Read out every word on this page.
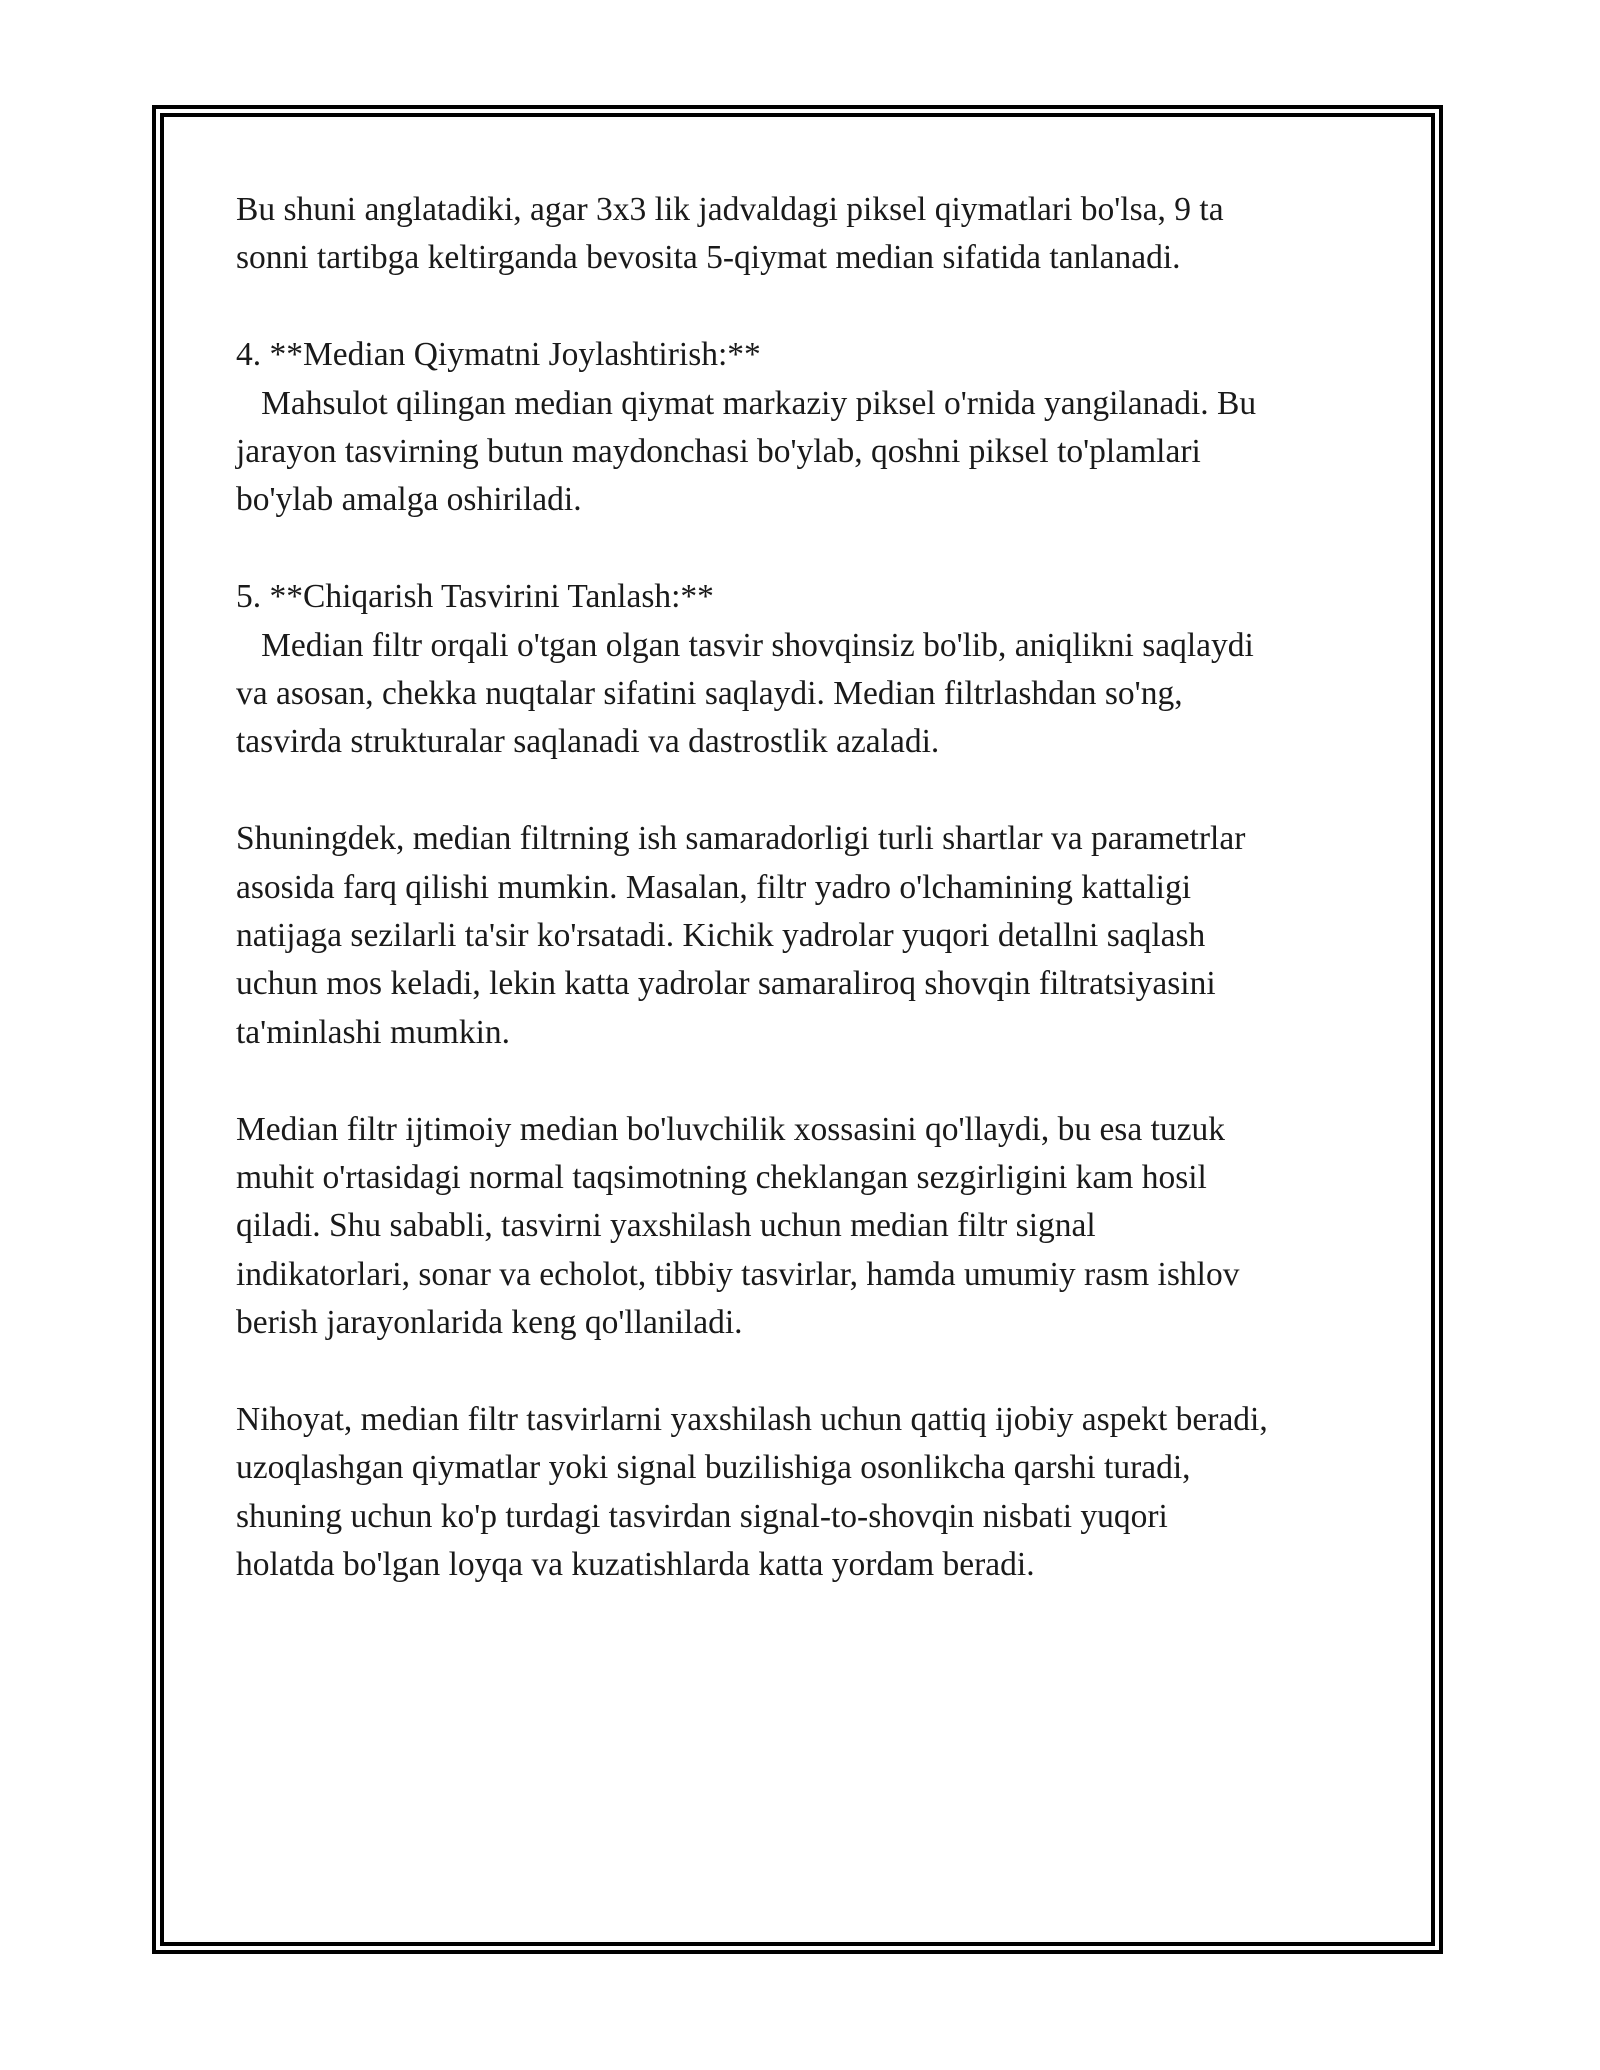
Bu shuni anglatadiki, agar 3x3 lik jadvaldagi piksel qiymatlari bo'lsa, 9 ta
sonni tartibga keltirganda bevosita 5-qiymat median sifatida tanlanadi.

4. **Median Qiymatni Joylashtirish:**

Mahsulot qilingan median qiymat markaziy piksel o'rnida yangilanadi. Bu
jarayon tasvirning butun maydonchasi bo'ylab, qoshni piksel to'plamlari
bo'ylab amalga oshiriladi.

5. **Chiqarish Tasvirini Tanlash:**

Median filtr orqali o'tgan olgan tasvir shovqinsiz bo'lib, aniqlikni saqlaydi
va asosan, chekka nuqtalar sifatini saqlaydi. Median filtrlashdan so'ng,
tasvirda strukturalar saqlanadi va dastrostlik azaladi.

Shuningdek, median filtrning ish samaradorligi turli shartlar va parametrlar
asosida farq qilishi mumkin. Masalan, filtr yadro o'lchamining kattaligi
natijaga sezilarli ta'sir ko'rsatadi. Kichik yadrolar yuqori detallni saqlash
uchun mos keladi, lekin katta yadrolar samaraliroq shovqin filtratsiyasini
ta'minlashi mumkin.

Median filtr ijtimoiy median bo'luvchilik xossasini qo'llaydi, bu esa tuzuk
muhit o'rtasidagi normal taqsimotning cheklangan sezgirligini kam hosil
qiladi. Shu sababli, tasvirni yaxshilash uchun median filtr signal
indikatorlari, sonar va echolot, tibbiy tasvirlar, hamda umumiy rasm ishlov
berish jarayonlarida keng qo'llaniladi.

Nihoyat, median filtr tasvirlarni yaxshilash uchun qattiq ijobiy aspekt beradi,
uzoqlashgan qiymatlar yoki signal buzilishiga osonlikcha qarshi turadi,
shuning uchun ko'p turdagi tasvirdan signal-to-shovqin nisbati yuqori
holatda bo'lgan loyqa va kuzatishlarda katta yordam beradi.
